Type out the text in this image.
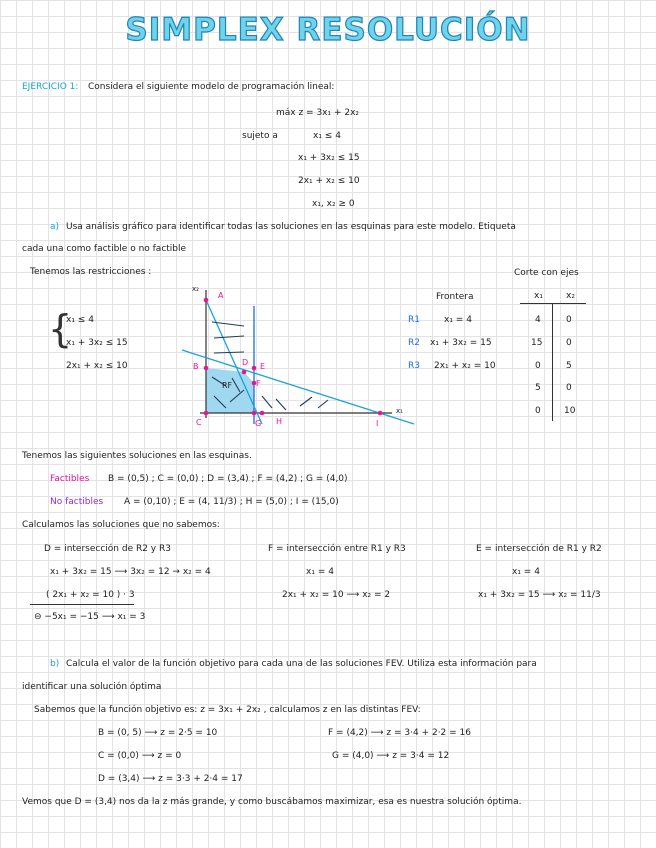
SIMPLEX RESOLUCIÓN
EJERCICIO 1: Considera el siguiente modelo de programación lineal:
máx z = 3x₁ + 2x₂
sujeto a	x₁ ≤ 4
x₁ + 3x₂ ≤ 15
2x₁ + x₂ ≤ 10
x₁, x₂ ≥ 0
a) Usa análisis gráfico para identificar todas las soluciones en las esquinas para este modelo. Etiqueta
cada una como factible o no factible
Tenemos las restricciones :
{
x₁ ≤ 4
x₁ + 3x₂ ≤ 15
2x₁ + x₂ ≤ 10
x₂
x₁
A
B
C
D E
F
G H	I
RF
Frontera
R1	x₁ = 4
R2 x₁ + 3x₂ = 15
R3 2x₁ + x₂ = 10
Corte con ejes
x₁	x₂
4	0
15	0
0	5
5	0
0	10
Tenemos las siguientes soluciones en las esquinas.
Factibles B = (0,5) ; C = (0,0) ; D = (3,4) ; F = (4,2) ; G = (4,0)
No factibles A = (0,10) ; E = (4, 11/3) ; H = (5,0) ; I = (15,0)
Calculamos las soluciones que no sabemos:
D = intersección de R2 y R3
x₁ + 3x₂ = 15 ⟶ 3x₂ = 12 → x₂ = 4
( 2x₁ + x₂ = 10 ) · 3
⊖ −5x₁ = −15 ⟶ x₁ = 3
F = intersección entre R1 y R3
x₁ = 4
2x₁ + x₂ = 10 ⟶ x₂ = 2
E = intersección de R1 y R2
x₁ = 4
x₁ + 3x₂ = 15 ⟶ x₂ = 11/3
b) Calcula el valor de la función objetivo para cada una de las soluciones FEV. Utiliza esta información para
identificar una solución óptima
Sabemos que la función objetivo es: z = 3x₁ + 2x₂ , calculamos z en las distintas FEV:
B = (0, 5) ⟶ z = 2·5 = 10
C = (0,0) ⟶ z = 0
D = (3,4) ⟶ z = 3·3 + 2·4 = 17
F = (4,2) ⟶ z = 3·4 + 2·2 = 16
G = (4,0) ⟶ z = 3·4 = 12
Vemos que D = (3,4) nos da la z más grande, y como buscábamos maximizar, esa es nuestra solución óptima.
